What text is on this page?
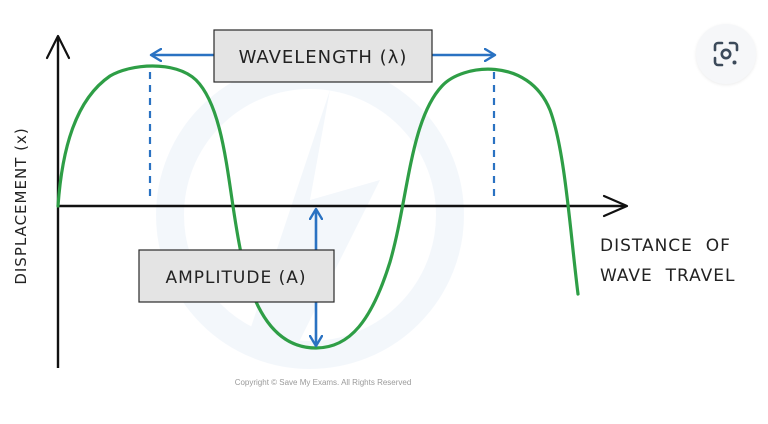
WAVELENGTH (λ)
AMPLITUDE (A)
DISPLACEMENT (x)	DISTANCE  OF
WAVE  TRAVEL
Copyright © Save My Exams. All Rights Reserved
